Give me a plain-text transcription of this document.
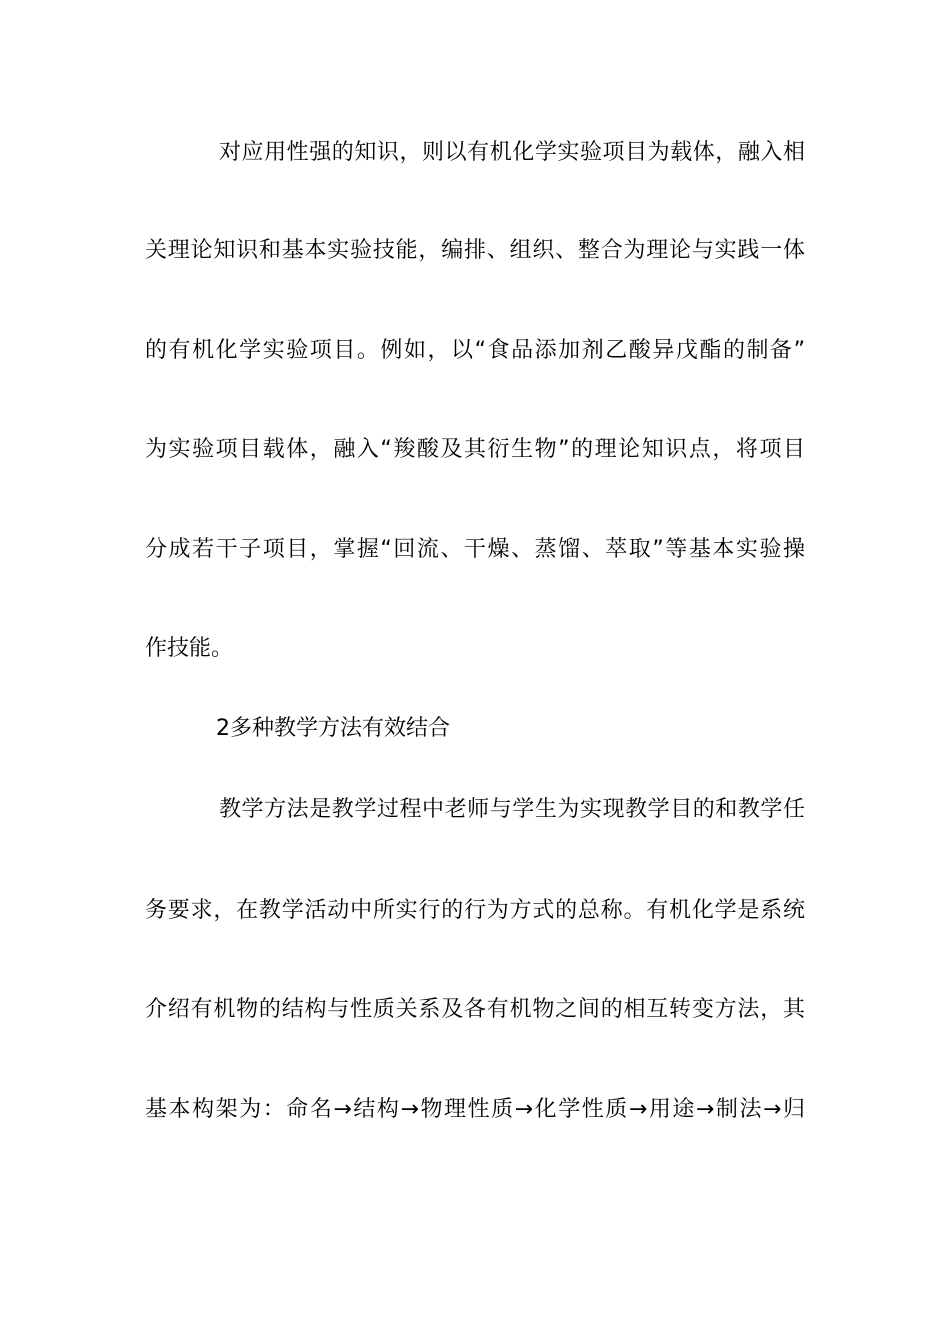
对应用性强的知识，则以有机化学实验项目为载体，融入相
关理论知识和基本实验技能，编排、组织、整合为理论与实践一体
的有机化学实验项目。例如，以“食品添加剂乙酸异戊酯的制备”
为实验项目载体，融入“羧酸及其衍生物”的理论知识点，将项目
分成若干子项目，掌握“回流、干燥、蒸馏、萃取”等基本实验操
作技能。
2多种教学方法有效结合
教学方法是教学过程中老师与学生为实现教学目的和教学任
务要求，在教学活动中所实行的行为方式的总称。有机化学是系统
介绍有机物的结构与性质关系及各有机物之间的相互转变方法，其
基本构架为：命名→结构→物理性质→化学性质→用途→制法→归
